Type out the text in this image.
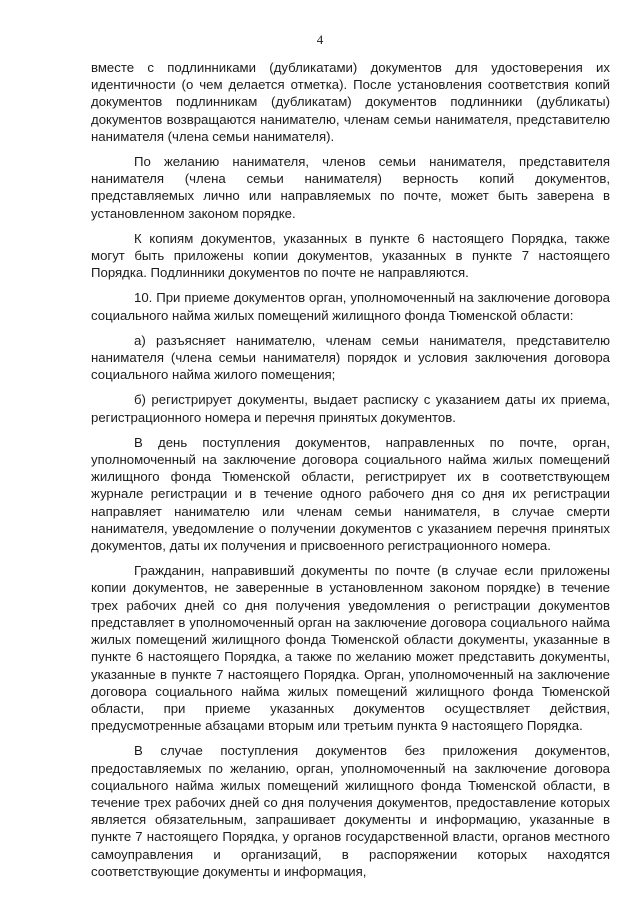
4

вместе с подлинниками (дубликатами) документов для удостоверения их идентичности (о чем делается отметка). После установления соответствия копий документов подлинникам (дубликатам) документов подлинники (дубликаты) документов возвращаются нанимателю, членам семьи нанимателя, представителю нанимателя (члена семьи нанимателя).

По желанию нанимателя, членов семьи нанимателя, представителя нанимателя (члена семьи нанимателя) верность копий документов, представляемых лично или направляемых по почте, может быть заверена в установленном законом порядке.

К копиям документов, указанных в пункте 6 настоящего Порядка, также могут быть приложены копии документов, указанных в пункте 7 настоящего Порядка. Подлинники документов по почте не направляются.

10. При приеме документов орган, уполномоченный на заключение договора социального найма жилых помещений жилищного фонда Тюменской области:

а) разъясняет нанимателю, членам семьи нанимателя, представителю нанимателя (члена семьи нанимателя) порядок и условия заключения договора социального найма жилого помещения;

б) регистрирует документы, выдает расписку с указанием даты их приема, регистрационного номера и перечня принятых документов.

В день поступления документов, направленных по почте, орган, уполномоченный на заключение договора социального найма жилых помещений жилищного фонда Тюменской области, регистрирует их в соответствующем журнале регистрации и в течение одного рабочего дня со дня их регистрации направляет нанимателю или членам семьи нанимателя, в случае смерти нанимателя, уведомление о получении документов с указанием перечня принятых документов, даты их получения и присвоенного регистрационного номера.

Гражданин, направивший документы по почте (в случае если приложены копии документов, не заверенные в установленном законом порядке) в течение трех рабочих дней со дня получения уведомления о регистрации документов представляет в уполномоченный орган на заключение договора социального найма жилых помещений жилищного фонда Тюменской области документы, указанные в пункте 6 настоящего Порядка, а также по желанию может представить документы, указанные в пункте 7 настоящего Порядка. Орган, уполномоченный на заключение договора социального найма жилых помещений жилищного фонда Тюменской области, при приеме указанных документов осуществляет действия, предусмотренные абзацами вторым или третьим пункта 9 настоящего Порядка.

В случае поступления документов без приложения документов, предоставляемых по желанию, орган, уполномоченный на заключение договора социального найма жилых помещений жилищного фонда Тюменской области, в течение трех рабочих дней со дня получения документов, предоставление которых является обязательным, запрашивает документы и информацию, указанные в пункте 7 настоящего Порядка, у органов государственной власти, органов местного самоуправления и организаций, в распоряжении которых находятся соответствующие документы и информация,
